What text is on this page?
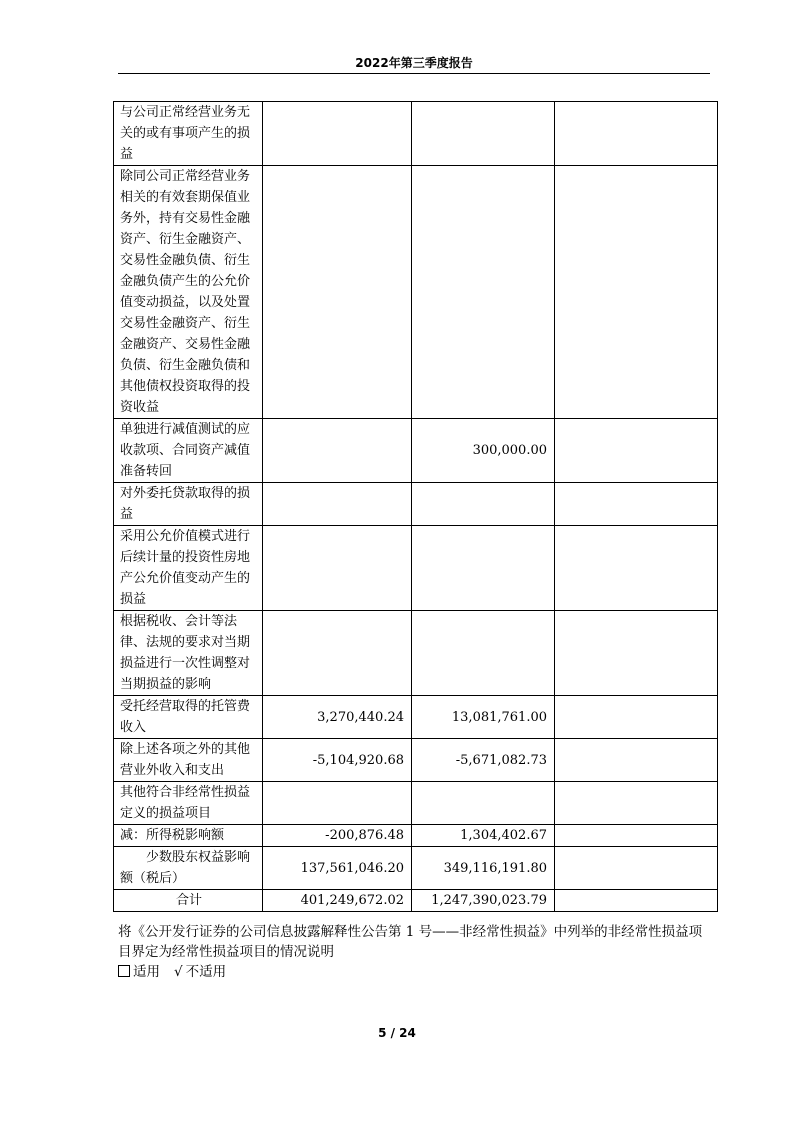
2022年第三季度报告
与公司正常经营业务无关的或有事项产生的损益			
除同公司正常经营业务相关的有效套期保值业务外，持有交易性金融资产、衍生金融资产、交易性金融负债、衍生金融负债产生的公允价值变动损益，以及处置交易性金融资产、衍生金融资产、交易性金融负债、衍生金融负债和其他债权投资取得的投资收益			
单独进行减值测试的应收款项、合同资产减值准备转回		300,000.00	
对外委托贷款取得的损益			
采用公允价值模式进行后续计量的投资性房地产公允价值变动产生的损益			
根据税收、会计等法律、法规的要求对当期损益进行一次性调整对当期损益的影响			
受托经营取得的托管费收入	3,270,440.24	13,081,761.00	
除上述各项之外的其他营业外收入和支出	-5,104,920.68	-5,671,082.73	
其他符合非经常性损益定义的损益项目			
减：所得税影响额	-200,876.48	1,304,402.67	
少数股东权益影响额（税后）	137,561,046.20	349,116,191.80	
合计	401,249,672.02	1,247,390,023.79	
将《公开发行证券的公司信息披露解释性公告第 1 号——非经常性损益》中列举的非经常性损益项目界定为经常性损益项目的情况说明
适用 √ 不适用
5 / 24
